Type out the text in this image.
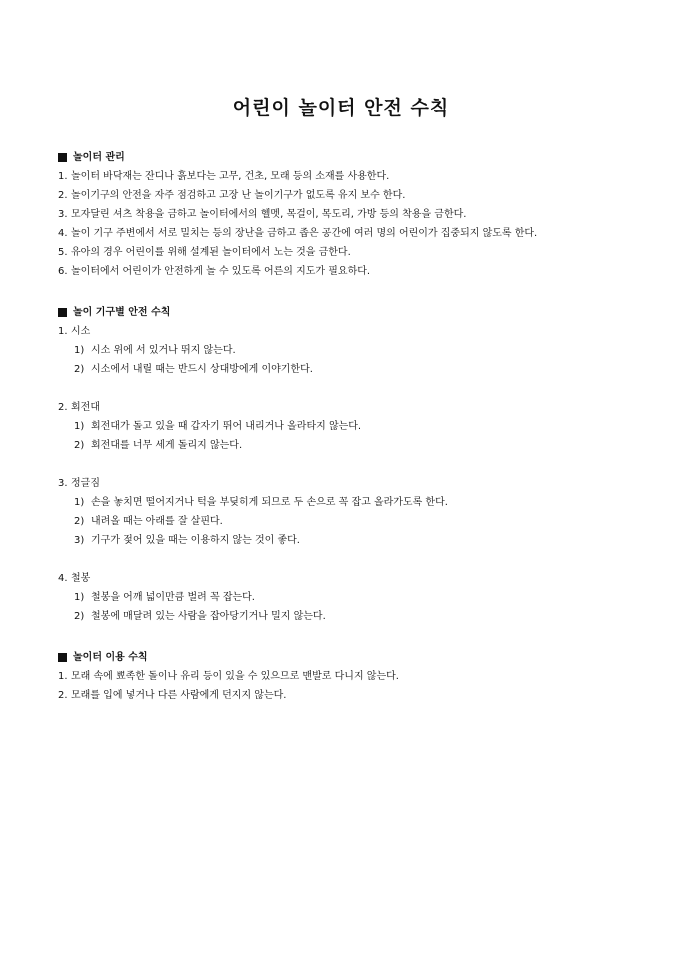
어린이 놀이터 안전 수칙
놀이터 관리
1. 놀이터 바닥재는 잔디나 흙보다는 고무, 건초, 모래 등의 소재를 사용한다.
2. 놀이기구의 안전을 자주 점검하고 고장 난 놀이기구가 없도록 유지 보수 한다.
3. 모자달린 셔츠 착용을 금하고 놀이터에서의 헬멧, 목걸이, 목도리, 가방 등의 착용을 금한다.
4. 놀이 기구 주변에서 서로 밀치는 등의 장난을 금하고 좁은 공간에 여러 명의 어린이가 집중되지 않도록 한다.
5. 유아의 경우 어린이를 위해 설계된 놀이터에서 노는 것을 금한다.
6. 놀이터에서 어린이가 안전하게 놀 수 있도록 어른의 지도가 필요하다.
놀이 기구별 안전 수칙
1. 시소
1) 시소 위에 서 있거나 뛰지 않는다.
2) 시소에서 내릴 때는 반드시 상대방에게 이야기한다.
2. 회전대
1) 회전대가 돌고 있을 때 갑자기 뛰어 내리거나 올라타지 않는다.
2) 회전대를 너무 세게 돌리지 않는다.
3. 정글짐
1) 손을 놓치면 떨어지거나 턱을 부딪히게 되므로 두 손으로 꼭 잡고 올라가도록 한다.
2) 내려올 때는 아래를 잘 살핀다.
3) 기구가 젖어 있을 때는 이용하지 않는 것이 좋다.
4. 철봉
1) 철봉을 어깨 넓이만큼 벌려 꼭 잡는다.
2) 철봉에 매달려 있는 사람을 잡아당기거나 밀지 않는다.
놀이터 이용 수칙
1. 모래 속에 뾰족한 돌이나 유리 등이 있을 수 있으므로 맨발로 다니지 않는다.
2. 모래를 입에 넣거나 다른 사람에게 던지지 않는다.
